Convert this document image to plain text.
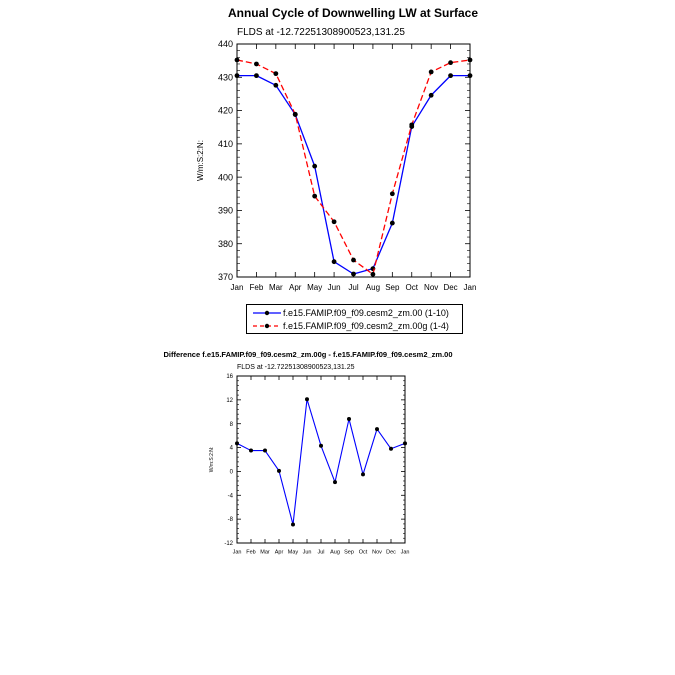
Annual Cycle of Downwelling LW at Surface
FLDS at -12.72251308900523,131.25
Jan Feb Mar Apr May Jun Jul Aug Sep Oct Nov Dec Jan
370
380
390
400
410
420
430
440
W/m:S:2:N:
Difference f.e15.FAMIP.f09_f09.cesm2_zm.00g - f.e15.FAMIP.f09_f09.cesm2_zm.00
FLDS at -12.72251308900523,131.25
Jan Feb Mar Apr May Jun Jul Aug Sep Oct Nov Dec Jan
-12
-8
-4
0
4
8
12
16
W/m:S:2:N:
f.e15.FAMIP.f09_f09.cesm2_zm.00 (1-10)
f.e15.FAMIP.f09_f09.cesm2_zm.00g (1-4)
